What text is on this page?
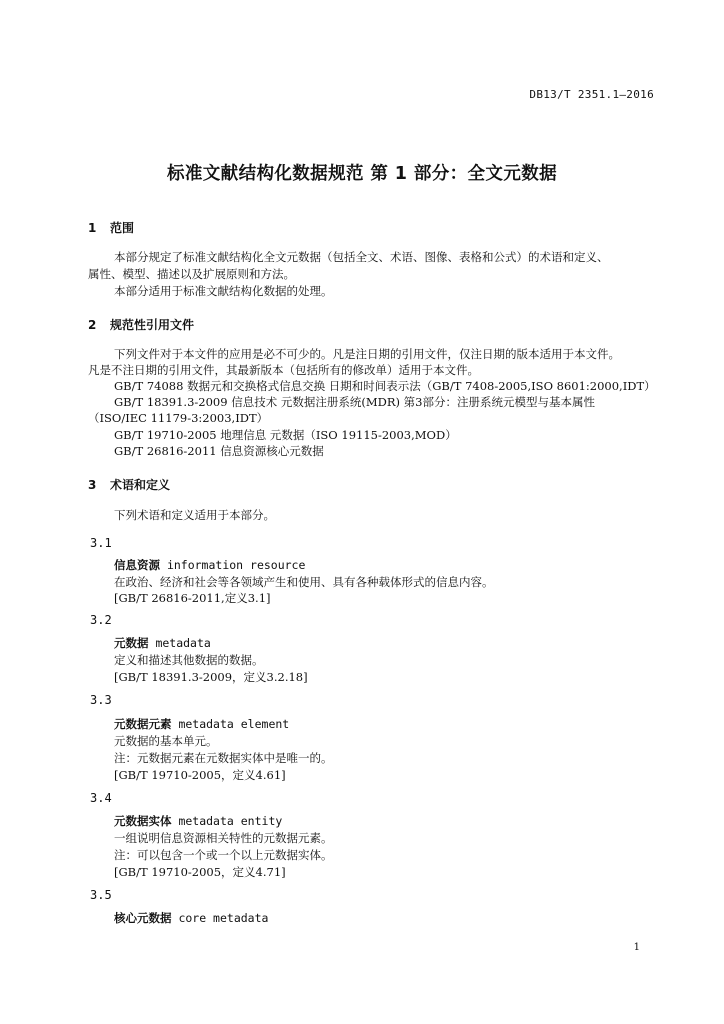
DB13/T 2351.1—2016
标准文献结构化数据规范 第 1 部分：全文元数据
1 范围
本部分规定了标准文献结构化全文元数据（包括全文、术语、图像、表格和公式）的术语和定义、
属性、模型、描述以及扩展原则和方法。
本部分适用于标准文献结构化数据的处理。
2 规范性引用文件
下列文件对于本文件的应用是必不可少的。凡是注日期的引用文件，仅注日期的版本适用于本文件。
凡是不注日期的引用文件，其最新版本（包括所有的修改单）适用于本文件。
GB/T 74088 数据元和交换格式信息交换 日期和时间表示法（GB/T 7408-2005,ISO 8601:2000,IDT）
GB/T 18391.3-2009 信息技术 元数据注册系统(MDR) 第3部分：注册系统元模型与基本属性
（ISO/IEC 11179-3:2003,IDT）
GB/T 19710-2005 地理信息 元数据（ISO 19115-2003,MOD）
GB/T 26816-2011 信息资源核心元数据
3 术语和定义
下列术语和定义适用于本部分。
3.1
信息资源 information resource
在政治、经济和社会等各领域产生和使用、具有各种载体形式的信息内容。
[GB/T 26816-2011,定义3.1]
3.2
元数据 metadata
定义和描述其他数据的数据。
[GB/T 18391.3-2009，定义3.2.18]
3.3
元数据元素 metadata element
元数据的基本单元。
注：元数据元素在元数据实体中是唯一的。
[GB/T 19710-2005，定义4.61]
3.4
元数据实体 metadata entity
一组说明信息资源相关特性的元数据元素。
注：可以包含一个或一个以上元数据实体。
[GB/T 19710-2005，定义4.71]
3.5
核心元数据 core metadata
1
